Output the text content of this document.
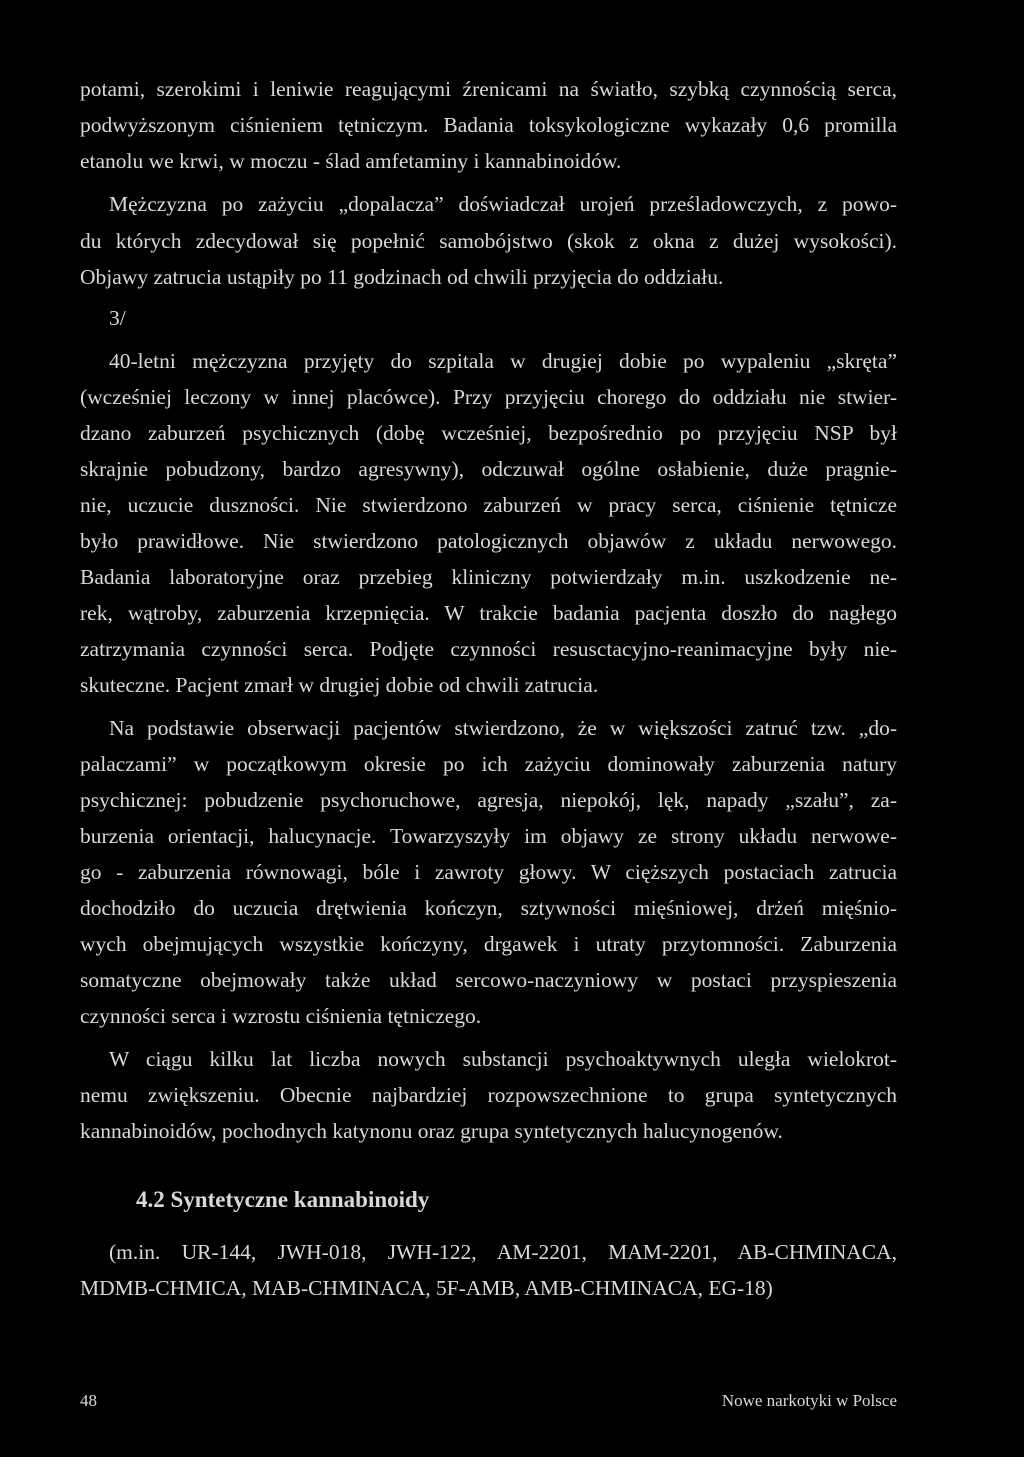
potami, szerokimi i leniwie reagującymi źrenicami na światło, szybką czynnością serca,
podwyższonym ciśnieniem tętniczym. Badania toksykologiczne wykazały 0,6 promilla
etanolu we krwi, w moczu - ślad amfetaminy i kannabinoidów.
Mężczyzna po zażyciu „dopalacza” doświadczał urojeń prześladowczych, z powo-
du których zdecydował się popełnić samobójstwo (skok z okna z dużej wysokości).
Objawy zatrucia ustąpiły po 11 godzinach od chwili przyjęcia do oddziału.
3/
40-letni mężczyzna przyjęty do szpitala w drugiej dobie po wypaleniu „skręta”
(wcześniej leczony w innej placówce). Przy przyjęciu chorego do oddziału nie stwier-
dzano zaburzeń psychicznych (dobę wcześniej, bezpośrednio po przyjęciu NSP był
skrajnie pobudzony, bardzo agresywny), odczuwał ogólne osłabienie, duże pragnie-
nie, uczucie duszności. Nie stwierdzono zaburzeń w pracy serca, ciśnienie tętnicze
było prawidłowe. Nie stwierdzono patologicznych objawów z układu nerwowego.
Badania laboratoryjne oraz przebieg kliniczny potwierdzały m.in. uszkodzenie ne-
rek, wątroby, zaburzenia krzepnięcia. W trakcie badania pacjenta doszło do nagłego
zatrzymania czynności serca. Podjęte czynności resusctacyjno-reanimacyjne były nie-
skuteczne. Pacjent zmarł w drugiej dobie od chwili zatrucia.
Na podstawie obserwacji pacjentów stwierdzono, że w większości zatruć tzw. „do-
palaczami” w początkowym okresie po ich zażyciu dominowały zaburzenia natury
psychicznej: pobudzenie psychoruchowe, agresja, niepokój, lęk, napady „szału”, za-
burzenia orientacji, halucynacje. Towarzyszyły im objawy ze strony układu nerwowe-
go - zaburzenia równowagi, bóle i zawroty głowy. W cięższych postaciach zatrucia
dochodziło do uczucia drętwienia kończyn, sztywności mięśniowej, drżeń mięśnio-
wych obejmujących wszystkie kończyny, drgawek i utraty przytomności. Zaburzenia
somatyczne obejmowały także układ sercowo-naczyniowy w postaci przyspieszenia
czynności serca i wzrostu ciśnienia tętniczego.
W ciągu kilku lat liczba nowych substancji psychoaktywnych uległa wielokrot-
nemu zwiększeniu. Obecnie najbardziej rozpowszechnione to grupa syntetycznych
kannabinoidów, pochodnych katynonu oraz grupa syntetycznych halucynogenów.
4.2 Syntetyczne kannabinoidy
(m.in. UR-144, JWH-018, JWH-122, AM-2201, MAM-2201, AB-CHMINACA,
MDMB-CHMICA, MAB-CHMINACA, 5F-AMB, AMB-CHMINACA, EG-18)
48	Nowe narkotyki w Polsce
